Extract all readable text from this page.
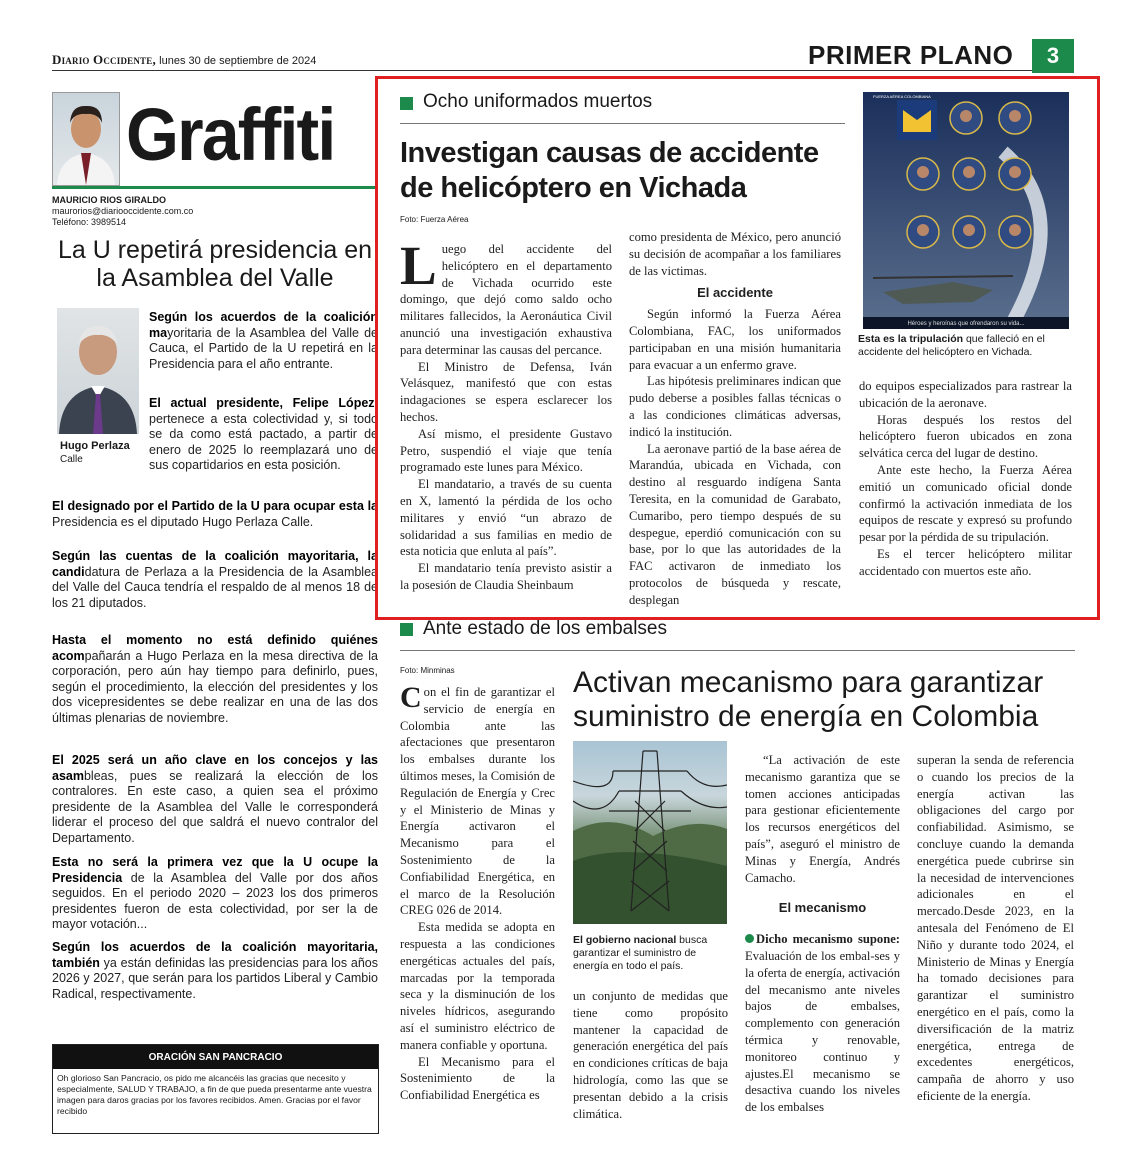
Diario Occidente, lunes 30 de septiembre de 2024	PRIMER PLANO	3
Graffiti
MAURICIO RIOS GIRALDO
maurorios@diariooccidente.com.co
Teléfono: 3989514
La U repetirá presidencia en la Asamblea del Valle
Hugo Perlaza
Calle
Según los acuerdos de la coalición mayoritaria de la Asamblea del Valle de Cauca, el Partido de la U repetirá en la Presidencia para el año entrante.
El actual presidente, Felipe López, pertenece a esta colectividad y, si todo se da como está pactado, a partir de enero de 2025 lo reemplazará uno de sus copartidarios en esta posición.
El designado por el Partido de la U para ocupar esta la Presidencia es el diputado Hugo Perlaza Calle.
Según las cuentas de la coalición mayoritaria, la candidatura de Perlaza a la Presidencia de la Asamblea del Valle del Cauca tendría el respaldo de al menos 18 de los 21 diputados.
Hasta el momento no está definido quiénes acompañarán a Hugo Perlaza en la mesa directiva de la corporación, pero aún hay tiempo para definirlo, pues, según el procedimiento, la elección del presidentes y los dos vicepresidentes se debe realizar en una de las dos últimas plenarias de noviembre.
El 2025 será un año clave en los concejos y las asambleas, pues se realizará la elección de los contralores. En este caso, a quien sea el próximo presidente de la Asamblea del Valle le corresponderá liderar el proceso del que saldrá el nuevo contralor del Departamento.
Esta no será la primera vez que la U ocupe la Presidencia de la Asamblea del Valle por dos años seguidos. En el periodo 2020 – 2023 los dos primeros presidentes fueron de esta colectividad, por ser la de mayor votación...
Según los acuerdos de la coalición mayoritaria, también ya están definidas las presidencias para los años 2026 y 2027, que serán para los partidos Liberal y Cambio Radical, respectivamente.
ORACIÓN SAN PANCRACIO
Oh glorioso San Pancracio, os pido me alcancéis las gracias que necesito y especialmente, SALUD Y TRABAJO, a fin de que pueda presentarme ante vuestra imagen para daros gracias por los favores recibidos. Amen. Gracias por el favor recibido
Ocho uniformados muertos
Investigan causas de accidente de helicóptero en Vichada
Foto: Fuerza Aérea

Luego del accidente del helicóptero en el departamento de Vichada ocurrido este domingo, que dejó como saldo ocho militares fallecidos, la Aeronáutica Civil anunció una investigación exhaustiva para determinar las causas del percance.

El Ministro de Defensa, Iván Velásquez, manifestó que con estas indagaciones se espera esclarecer los hechos.

Así mismo, el presidente Gustavo Petro, suspendió el viaje que tenía programado este lunes para México.

El mandatario, a través de su cuenta en X, lamentó la pérdida de los ocho militares y envió “un abrazo de solidaridad a sus familias en medio de esta noticia que enluta al país”.

El mandatario tenía previsto asistir a la posesión de Claudia Sheinbaum

como presidenta de México, pero anunció su decisión de acompañar a los familiares de las victimas.

El accidente

Según informó la Fuerza Aérea Colombiana, FAC, los uniformados participaban en una misión humanitaria para evacuar a un enfermo grave.

Las hipótesis preliminares indican que pudo deberse a posibles fallas técnicas o a las condiciones climáticas adversas, indicó la institución.

La aeronave partió de la base aérea de Marandúa, ubicada en Vichada, con destino al resguardo indígena Santa Teresita, en la comunidad de Garabato, Cumaribo, pero tiempo después de su despegue, eperdió comunicación con su base, por lo que las autoridades de la FAC activaron de inmediato los protocolos de búsqueda y rescate, desplegan

do equipos especializados para rastrear la ubicación de la aeronave.

Horas después los restos del helicóptero fueron ubicados en zona selvática cerca del lugar de destino.

Ante este hecho, la Fuerza Aérea emitió un comunicado oficial donde confirmó la activación inmediata de los equipos de rescate y expresó su profundo pesar por la pérdida de su tripulación.

Es el tercer helicóptero militar accidentado con muertos este año.

Héroes y heroínas que ofrendaron su vida...
FUERZA AÉREA COLOMBIANA
Esta es la tripulación que falleció en el accidente del helicóptero en Vichada.
Ante estado de los embalses
Foto: Minminas	Activan mecanismo para garantizar suministro de energía en Colombia

Con el fin de garantizar el servicio de energía en Colombia ante las afectaciones que presentaron los embalses durante los últimos meses, la Comisión de Regulación de Energía y Crec y el Ministerio de Minas y Energía activaron el Mecanismo para el Sostenimiento de la Confiabilidad Energética, en el marco de la Resolución CREG 026 de 2014.

Esta medida se adopta en respuesta a las condiciones energéticas actuales del país, marcadas por la temporada seca y la disminución de los niveles hídricos, asegurando así el suministro eléctrico de manera confiable y oportuna.

El Mecanismo para el Sostenimiento de la Confiabilidad Energética es

El gobierno nacional busca garantizar el suministro de energía en todo el país.

un conjunto de medidas que tiene como propósito mantener la capacidad de generación energética del país en condiciones críticas de baja hidrología, como las que se presentan debido a la crisis climática.

“La activación de este mecanismo garantiza que se tomen acciones anticipadas para gestionar eficientemente los recursos energéticos del país”, aseguró el ministro de Minas y Energía, Andrés Camacho.

El mecanismo

Dicho mecanismo supone: Evaluación de los embal-ses y la oferta de energía, activación del mecanismo ante niveles bajos de embalses, complemento con generación térmica y renovable, monitoreo continuo y ajustes.El mecanismo se desactiva cuando los niveles de los embalses

superan la senda de referencia o cuando los precios de la energía activan las obligaciones del cargo por confiabilidad. Asimismo, se concluye cuando la demanda energética puede cubrirse sin la necesidad de intervenciones adicionales en el mercado.Desde 2023, en la antesala del Fenómeno de El Niño y durante todo 2024, el Ministerio de Minas y Energía ha tomado decisiones para garantizar el suministro energético en el país, como la diversificación de la matriz energética, entrega de excedentes energéticos, campaña de ahorro y uso eficiente de la energía.
